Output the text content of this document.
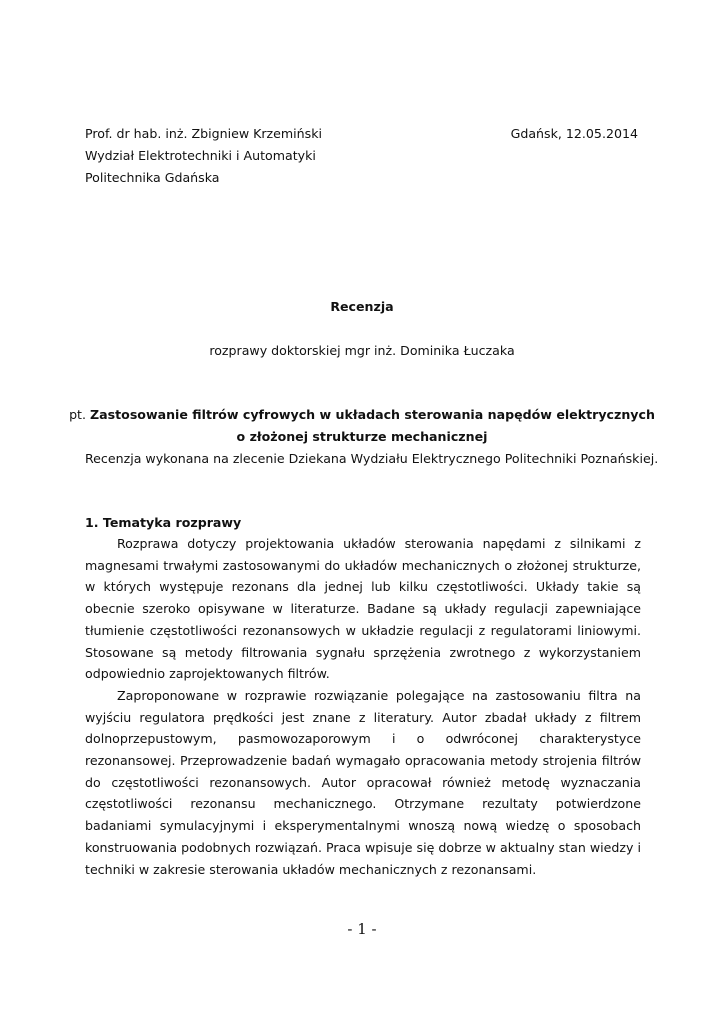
Prof. dr hab. inż. Zbigniew Krzemiński	Gdańsk, 12.05.2014
Wydział Elektrotechniki i Automatyki
Politechnika Gdańska
Recenzja
rozprawy doktorskiej mgr inż. Dominika Łuczaka
pt. Zastosowanie filtrów cyfrowych w układach sterowania napędów elektrycznych
o złożonej strukturze mechanicznej
Recenzja wykonana na zlecenie Dziekana Wydziału Elektrycznego Politechniki Poznańskiej.
1. Tematyka rozprawy

Rozprawa dotyczy projektowania układów sterowania napędami z silnikami z magnesami trwałymi zastosowanymi do układów mechanicznych o złożonej strukturze, w których występuje rezonans dla jednej lub kilku częstotliwości. Układy takie są obecnie szeroko opisywane w literaturze. Badane są układy regulacji zapewniające tłumienie częstotliwości rezonansowych w układzie regulacji z regulatorami liniowymi. Stosowane są metody filtrowania sygnału sprzężenia zwrotnego z wykorzystaniem odpowiednio zaprojektowanych filtrów.

Zaproponowane w rozprawie rozwiązanie polegające na zastosowaniu filtra na wyjściu regulatora prędkości jest znane z literatury. Autor zbadał układy z filtrem dolnoprzepustowym, pasmowozaporowym i o odwróconej charakterystyce rezonansowej. Przeprowadzenie badań wymagało opracowania metody strojenia filtrów do częstotliwości rezonansowych. Autor opracował również metodę wyznaczania częstotliwości rezonansu mechanicznego. Otrzymane rezultaty potwierdzone badaniami symulacyjnymi i eksperymentalnymi wnoszą nową wiedzę o sposobach konstruowania podobnych rozwiązań. Praca wpisuje się dobrze w aktualny stan wiedzy i techniki w zakresie sterowania układów mechanicznych z rezonansami.

- 1 -
